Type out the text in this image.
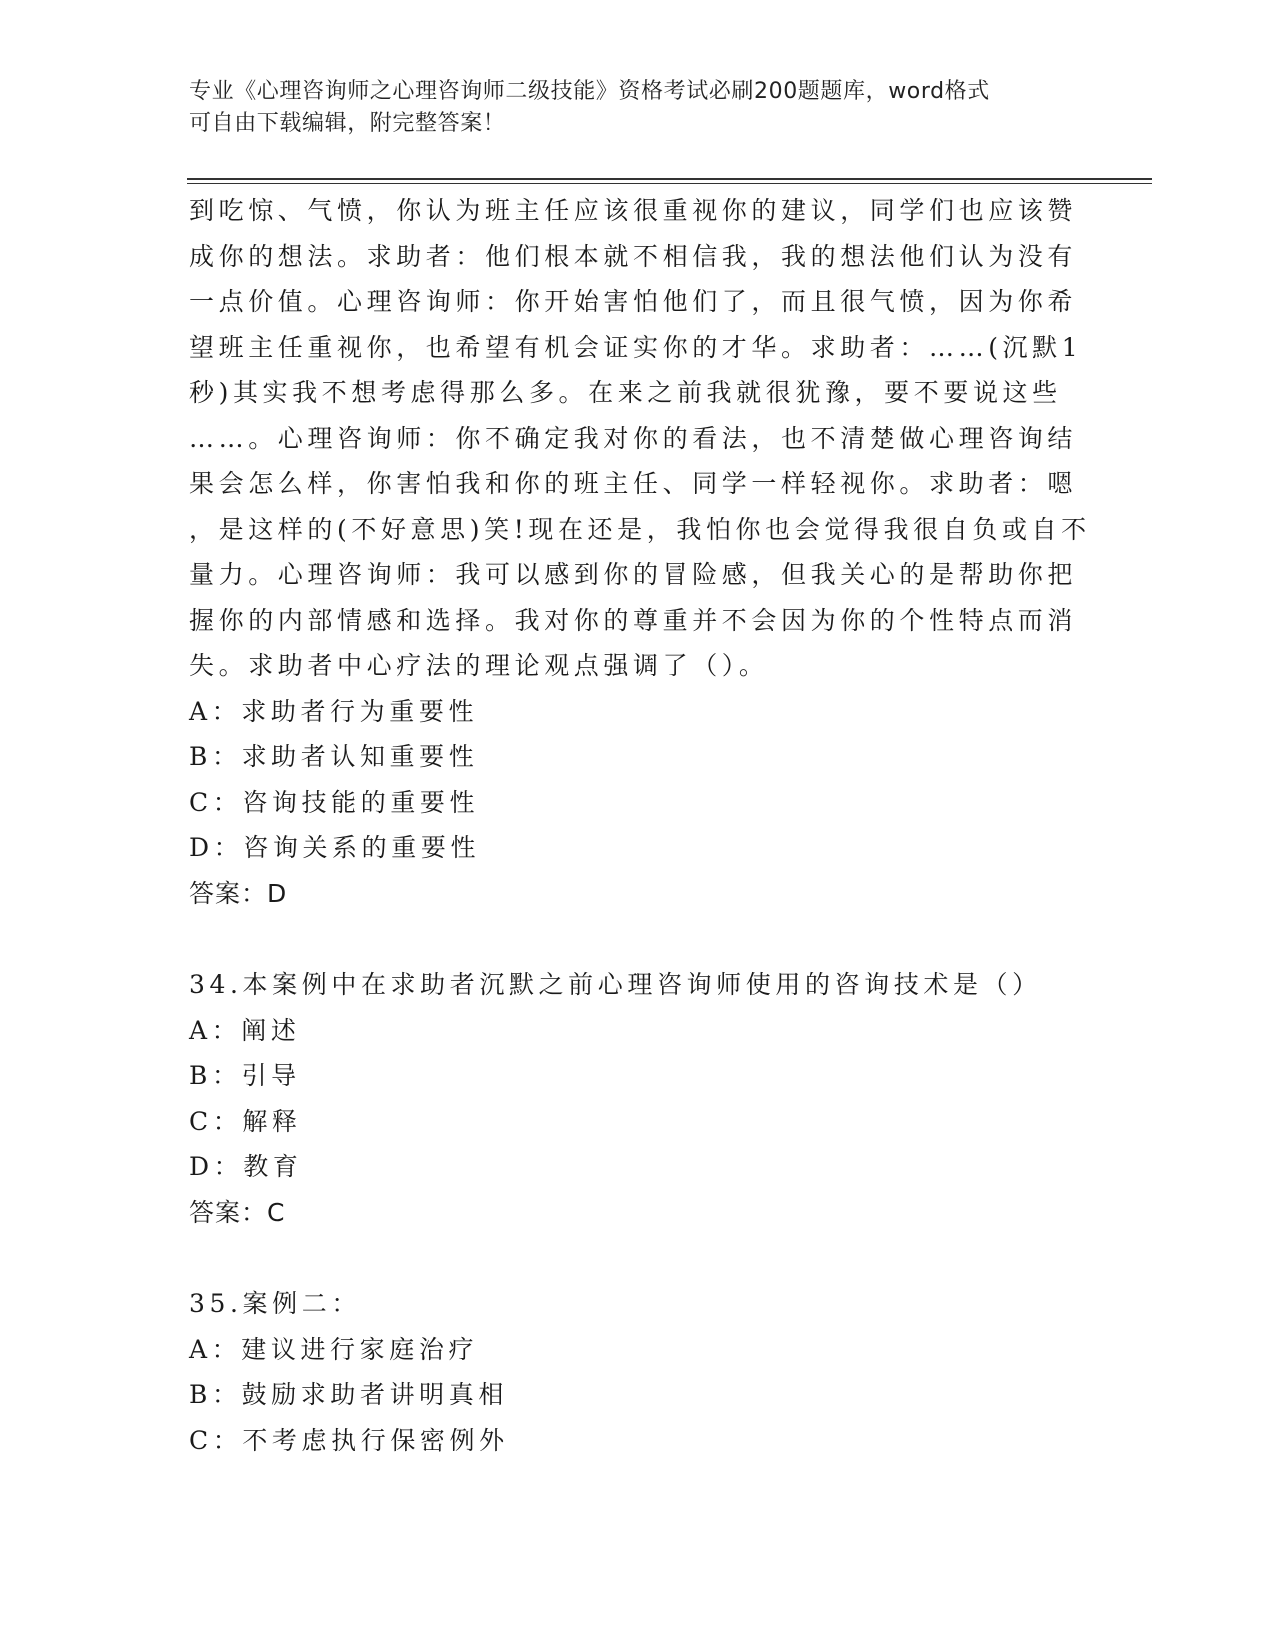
专业《心理咨询师之心理咨询师二级技能》资格考试必刷200题题库，word格式
可自由下载编辑，附完整答案！
到吃惊、气愤，你认为班主任应该很重视你的建议，同学们也应该赞
成你的想法。求助者：他们根本就不相信我，我的想法他们认为没有
一点价值。心理咨询师：你开始害怕他们了，而且很气愤，因为你希
望班主任重视你，也希望有机会证实你的才华。求助者：……(沉默1
秒)其实我不想考虑得那么多。在来之前我就很犹豫，要不要说这些
……。心理咨询师：你不确定我对你的看法，也不清楚做心理咨询结
果会怎么样，你害怕我和你的班主任、同学一样轻视你。求助者：嗯
，是这样的(不好意思)笑!现在还是，我怕你也会觉得我很自负或自不
量力。心理咨询师：我可以感到你的冒险感，但我关心的是帮助你把
握你的内部情感和选择。我对你的尊重并不会因为你的个性特点而消
失。求助者中心疗法的理论观点强调了（）。
A：求助者行为重要性
B：求助者认知重要性
C：咨询技能的重要性
D：咨询关系的重要性
答案：D
34.本案例中在求助者沉默之前心理咨询师使用的咨询技术是（）
A：阐述
B：引导
C：解释
D：教育
答案：C
35.案例二：
A：建议进行家庭治疗
B：鼓励求助者讲明真相
C：不考虑执行保密例外
